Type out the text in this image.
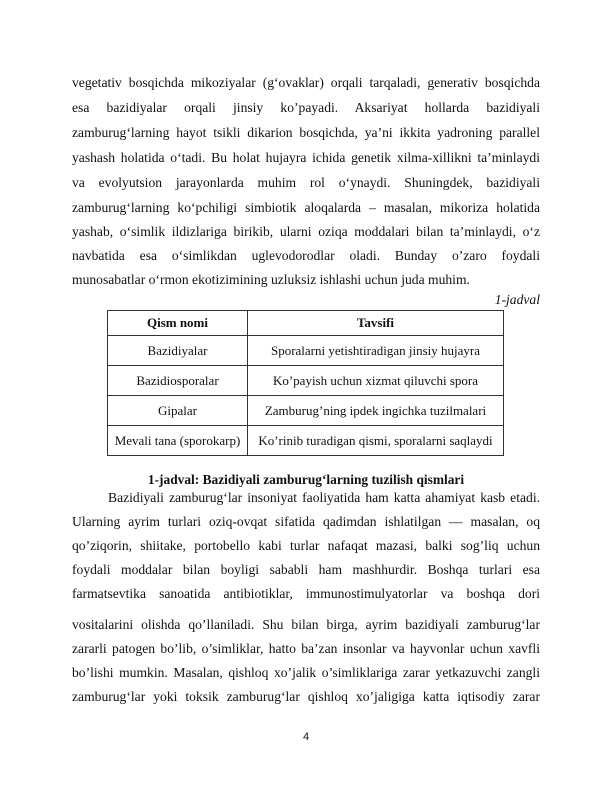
vegetativ bosqichda mikoziyalar (g‘ovaklar) orqali tarqaladi, generativ bosqichda
esa bazidiyalar orqali jinsiy ko’payadi. Aksariyat hollarda bazidiyali
zamburug‘larning hayot tsikli dikarion bosqichda, ya’ni ikkita yadroning parallel
yashash holatida o‘tadi. Bu holat hujayra ichida genetik xilma-xillikni ta’minlaydi
va evolyutsion jarayonlarda muhim rol o‘ynaydi. Shuningdek, bazidiyali
zamburug‘larning ko‘pchiligi simbiotik aloqalarda – masalan, mikoriza holatida
yashab, o‘simlik ildizlariga birikib, ularni oziqa moddalari bilan ta’minlaydi, o‘z
navbatida esa o‘simlikdan uglevodorodlar oladi. Bunday o’zaro foydali
munosabatlar o‘rmon ekotizimining uzluksiz ishlashi uchun juda muhim.
1-jadval
Qism nomi	Tavsifi
Bazidiyalar	Sporalarni yetishtiradigan jinsiy hujayra
Bazidiosporalar	Ko’payish uchun xizmat qiluvchi spora
Gipalar	Zamburug’ning ipdek ingichka tuzilmalari
Mevali tana (sporokarp)	Ko’rinib turadigan qismi, sporalarni saqlaydi
1-jadval: Bazidiyali zamburug‘larning tuzilish qismlari
Bazidiyali zamburug‘lar insoniyat faoliyatida ham katta ahamiyat kasb etadi.
Ularning ayrim turlari oziq-ovqat sifatida qadimdan ishlatilgan — masalan, oq
qo’ziqorin, shiitake, portobello kabi turlar nafaqat mazasi, balki sog’liq uchun
foydali moddalar bilan boyligi sababli ham mashhurdir. Boshqa turlari esa
farmatsevtika sanoatida antibiotiklar, immunostimulyatorlar va boshqa dori
vositalarini olishda qo’llaniladi. Shu bilan birga, ayrim bazidiyali zamburug‘lar
zararli patogen bo’lib, o’simliklar, hatto ba’zan insonlar va hayvonlar uchun xavfli
bo’lishi mumkin. Masalan, qishloq xo’jalik o’simliklariga zarar yetkazuvchi zangli
zamburug‘lar yoki toksik zamburug‘lar qishloq xo’jaligiga katta iqtisodiy zarar
4
